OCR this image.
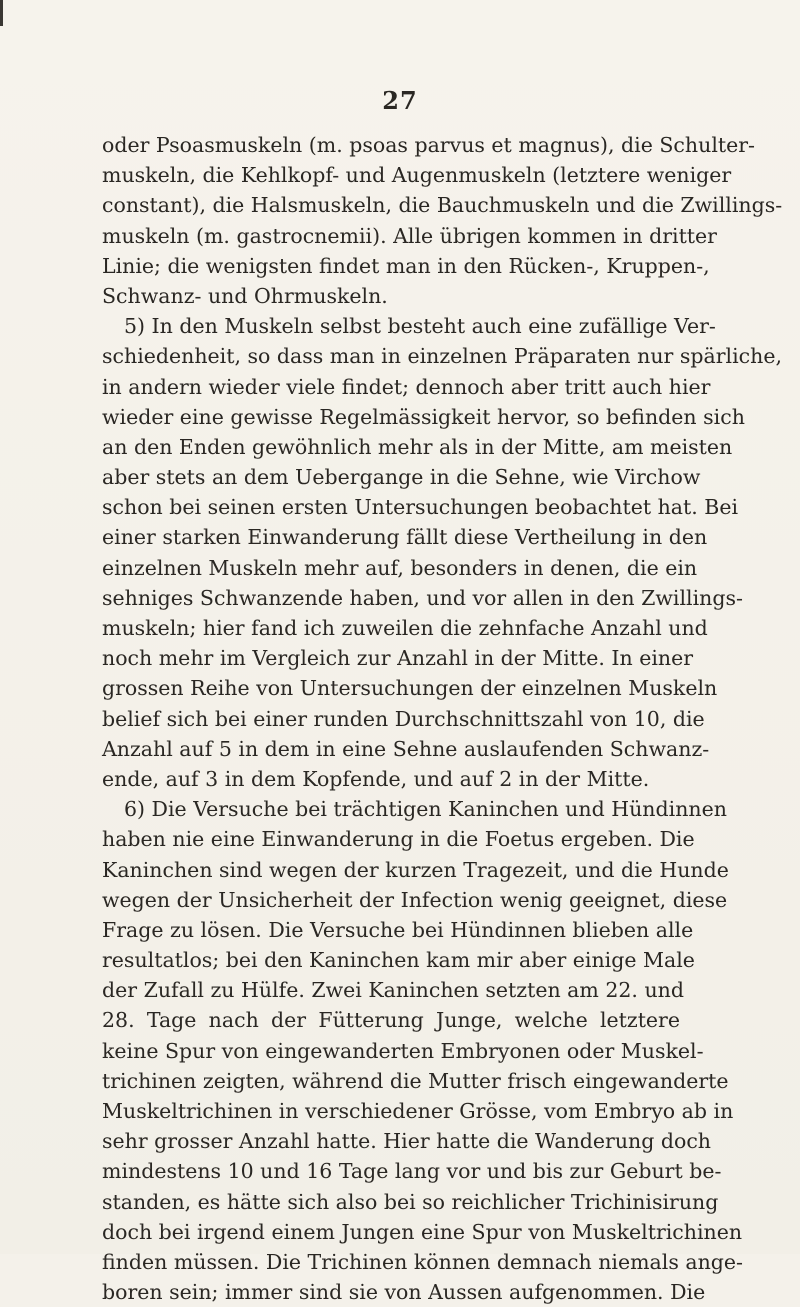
27
oder Psoasmuskeln (m. psoas parvus et magnus), die Schulter-
muskeln, die Kehlkopf- und Augenmuskeln (letztere weniger
constant), die Halsmuskeln, die Bauchmuskeln und die Zwillings-
muskeln (m. gastrocnemii). Alle übrigen kommen in dritter
Linie; die wenigsten findet man in den Rücken-, Kruppen-,
Schwanz- und Ohrmuskeln.
5) In den Muskeln selbst besteht auch eine zufällige Ver-
schiedenheit, so dass man in einzelnen Präparaten nur spärliche,
in andern wieder viele findet; dennoch aber tritt auch hier
wieder eine gewisse Regelmässigkeit hervor, so befinden sich
an den Enden gewöhnlich mehr als in der Mitte, am meisten
aber stets an dem Uebergange in die Sehne, wie Virchow
schon bei seinen ersten Untersuchungen beobachtet hat. Bei
einer starken Einwanderung fällt diese Vertheilung in den
einzelnen Muskeln mehr auf, besonders in denen, die ein
sehniges Schwanzende haben, und vor allen in den Zwillings-
muskeln; hier fand ich zuweilen die zehnfache Anzahl und
noch mehr im Vergleich zur Anzahl in der Mitte. In einer
grossen Reihe von Untersuchungen der einzelnen Muskeln
belief sich bei einer runden Durchschnittszahl von 10, die
Anzahl auf 5 in dem in eine Sehne auslaufenden Schwanz-
ende, auf 3 in dem Kopfende, und auf 2 in der Mitte.
6) Die Versuche bei trächtigen Kaninchen und Hündinnen
haben nie eine Einwanderung in die Foetus ergeben. Die
Kaninchen sind wegen der kurzen Tragezeit, und die Hunde
wegen der Unsicherheit der Infection wenig geeignet, diese
Frage zu lösen. Die Versuche bei Hündinnen blieben alle
resultatlos; bei den Kaninchen kam mir aber einige Male
der Zufall zu Hülfe. Zwei Kaninchen setzten am 22. und
28. Tage nach der Fütterung Junge, welche letztere
keine Spur von eingewanderten Embryonen oder Muskel-
trichinen zeigten, während die Mutter frisch eingewanderte
Muskeltrichinen in verschiedener Grösse, vom Embryo ab in
sehr grosser Anzahl hatte. Hier hatte die Wanderung doch
mindestens 10 und 16 Tage lang vor und bis zur Geburt be-
standen, es hätte sich also bei so reichlicher Trichinisirung
doch bei irgend einem Jungen eine Spur von Muskeltrichinen
finden müssen. Die Trichinen können demnach niemals ange-
boren sein; immer sind sie von Aussen aufgenommen. Die
